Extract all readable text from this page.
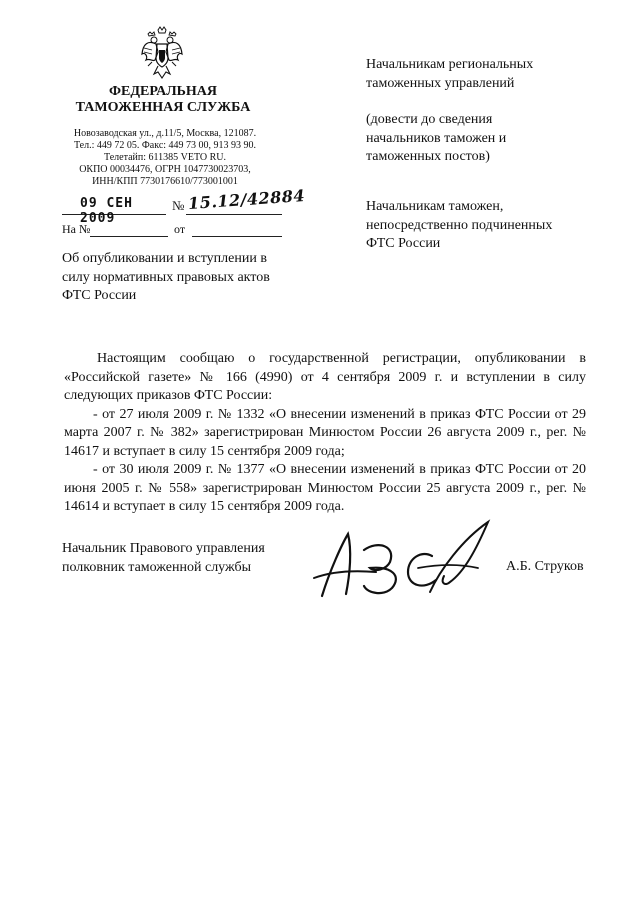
ФЕДЕРАЛЬНАЯ
ТАМОЖЕННАЯ СЛУЖБА
Новозаводская ул., д.11/5, Москва, 121087.
Тел.: 449 72 05. Факс: 449 73 00, 913 93 90.
Телетайп: 611385 VETO RU.
ОКПО 00034476, ОГРН 1047730023703,
ИНН/КПП 7730176610/773001001
09 СЕН 2009
№ 15.12/42884
На №	от
Начальникам региональных
таможенных управлений
(довести до сведения
начальников таможен и
таможенных постов)
Начальникам таможен,
непосредственно подчиненных
ФТС России
Об опубликовании и вступлении в
силу нормативных правовых актов
ФТС России

Настоящим сообщаю о государственной регистрации, опубликовании в «Российской газете» № 166 (4990) от 4 сентября 2009 г. и вступлении в силу следующих приказов ФТС России:

- от 27 июля 2009 г. № 1332 «О внесении изменений в приказ ФТС России от 29 марта 2007 г. № 382» зарегистрирован Минюстом России 26 августа 2009 г., рег. № 14617 и вступает в силу 15 сентября 2009 года;

- от 30 июля 2009 г. № 1377 «О внесении изменений в приказ ФТС России от 20 июня 2005 г. № 558» зарегистрирован Минюстом России 25 августа 2009 г., рег. № 14614 и вступает в силу 15 сентября 2009 года.

Начальник Правового управления
полковник таможенной службы	А.Б. Струков
